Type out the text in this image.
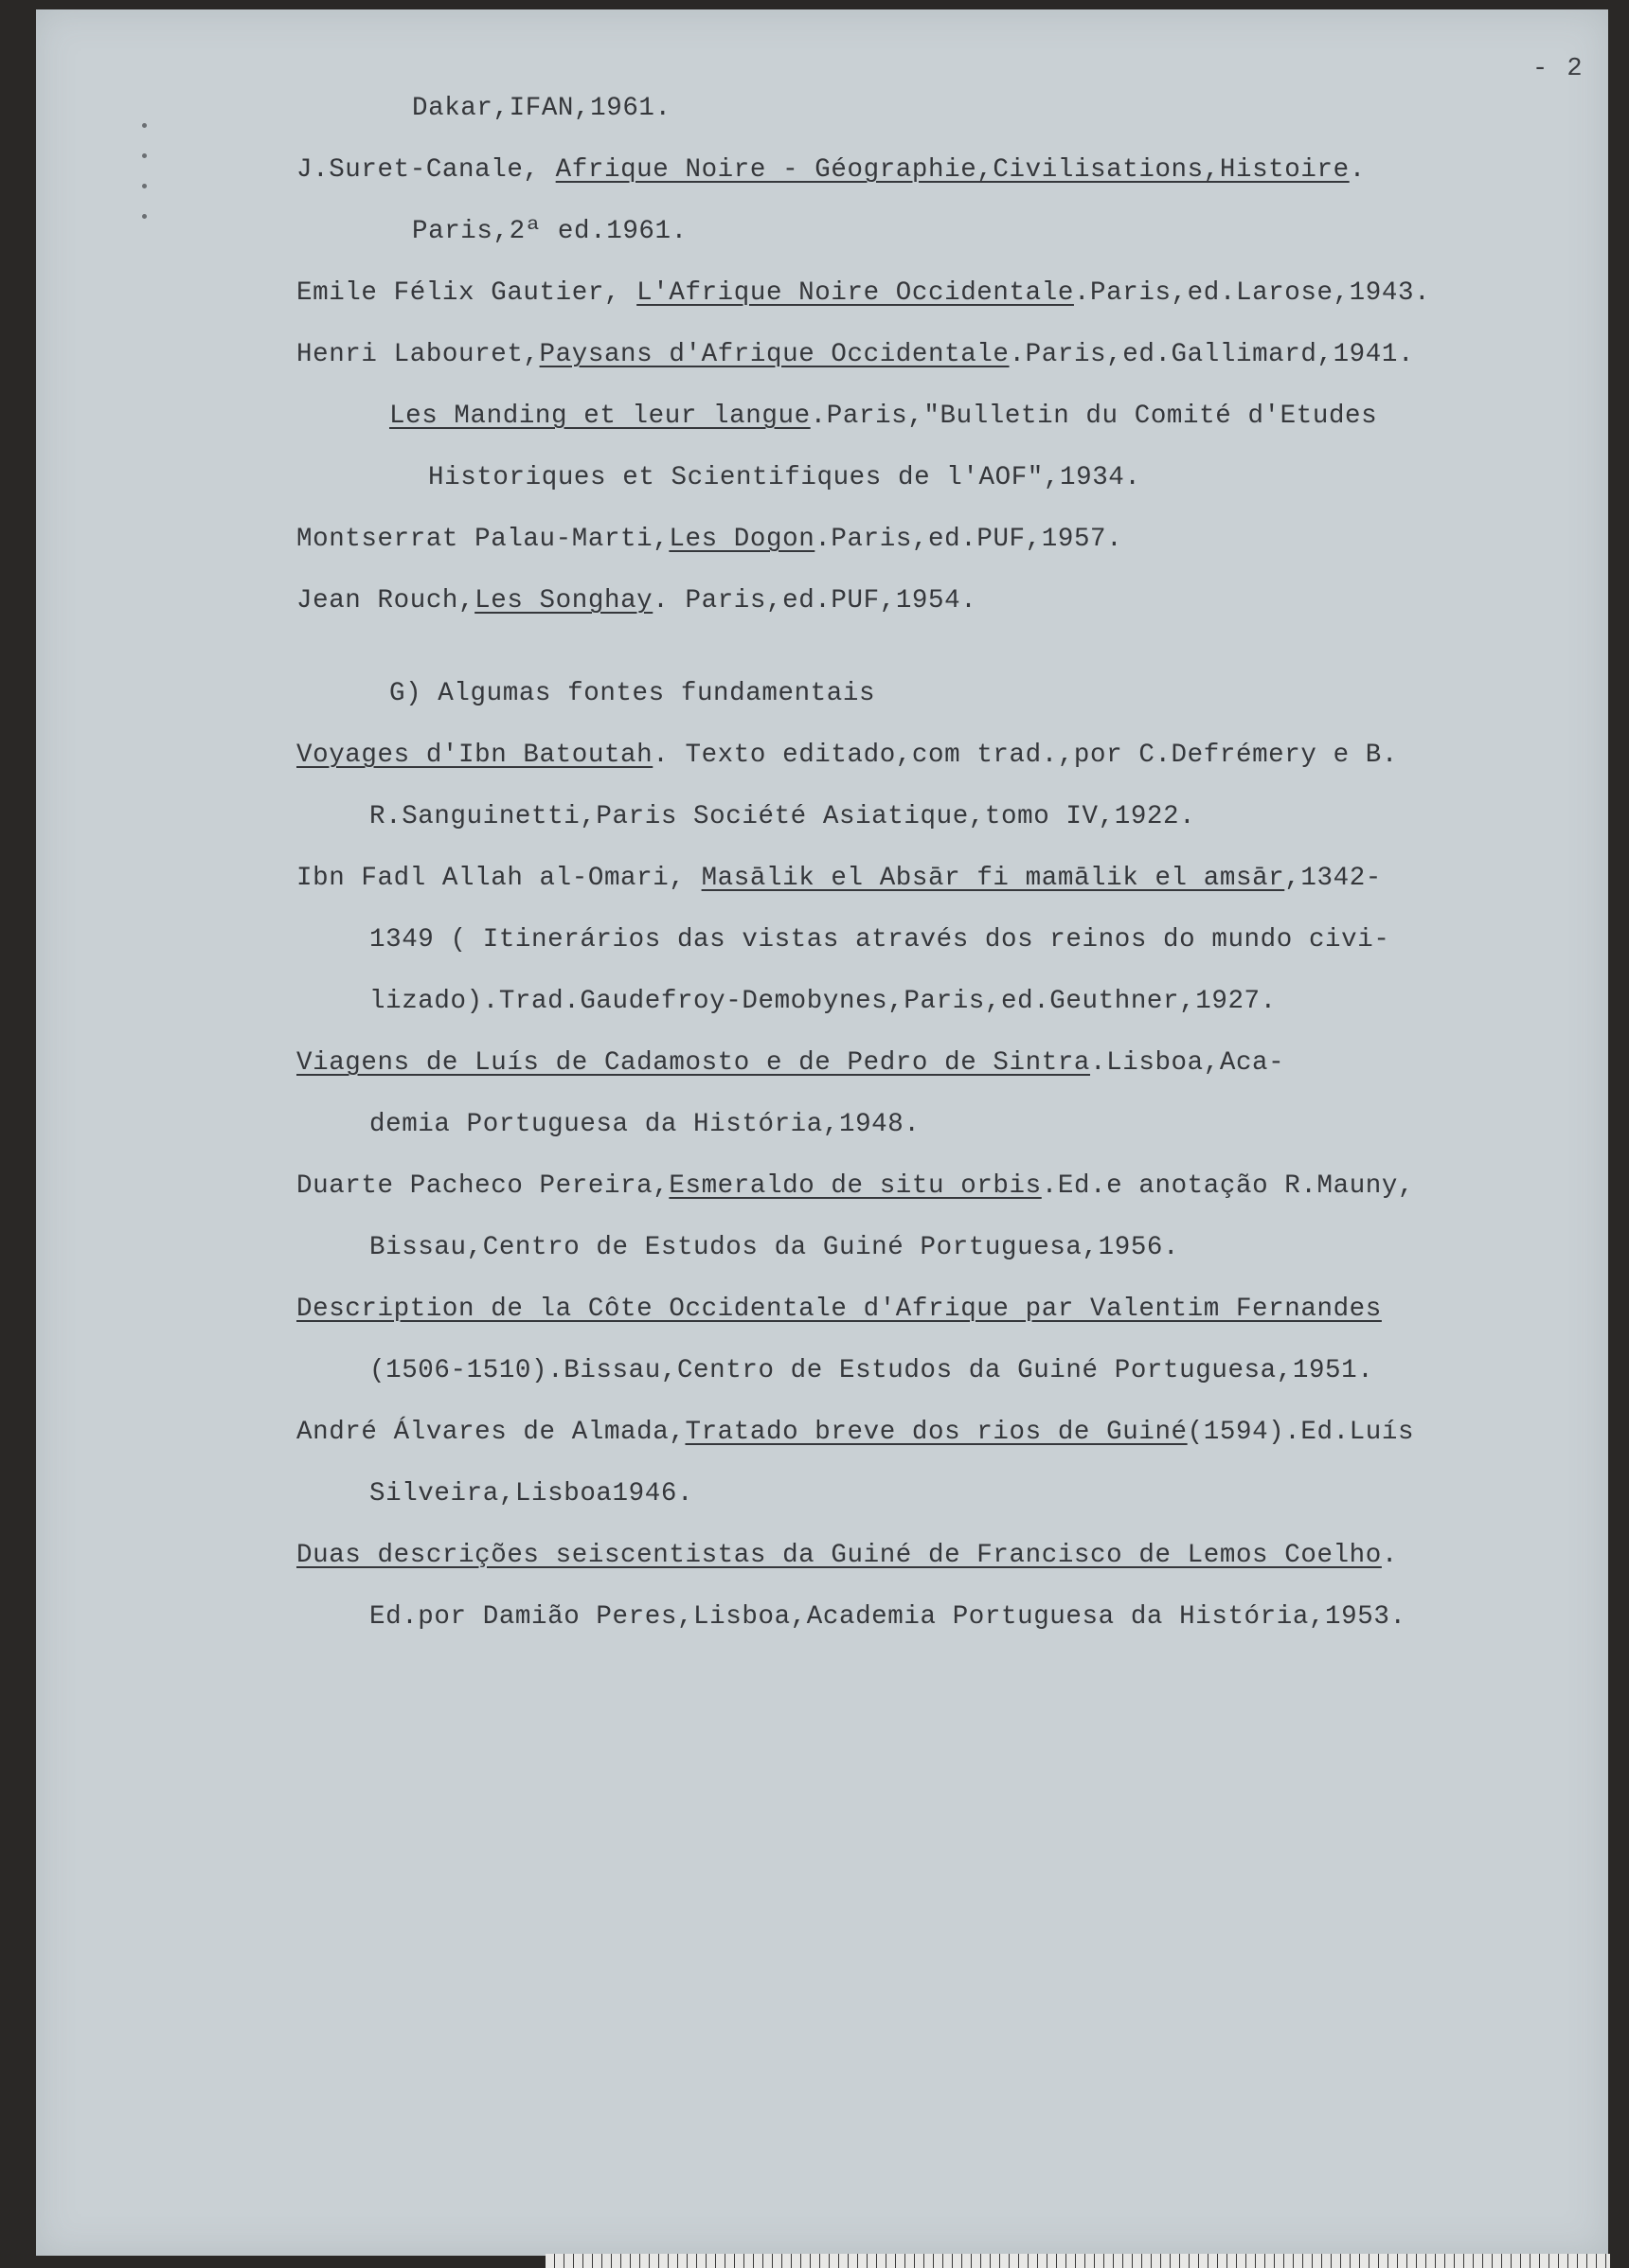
- 2
Dakar,IFAN,1961.
J.Suret-Canale, Afrique Noire - Géographie,Civilisations,Histoire.
Paris,2ª ed.1961.
Emile Félix Gautier, L'Afrique Noire Occidentale.Paris,ed.Larose,1943.
Henri Labouret,Paysans d'Afrique Occidentale.Paris,ed.Gallimard,1941.
Les Manding et leur langue.Paris,"Bulletin du Comité d'Etudes
Historiques et Scientifiques de l'AOF",1934.
Montserrat Palau-Marti,Les Dogon.Paris,ed.PUF,1957.
Jean Rouch,Les Songhay. Paris,ed.PUF,1954.
G) Algumas fontes fundamentais
Voyages d'Ibn Batoutah. Texto editado,com trad.,por C.Defrémery e B.
R.Sanguinetti,Paris Société Asiatique,tomo IV,1922.
Ibn Fadl Allah al-Omari, Masālik el Absār fi mamālik el amsār,1342-
1349 ( Itinerários das vistas através dos reinos do mundo civi-
lizado).Trad.Gaudefroy-Demobynes,Paris,ed.Geuthner,1927.
Viagens de Luís de Cadamosto e de Pedro de Sintra.Lisboa,Aca-
demia Portuguesa da História,1948.
Duarte Pacheco Pereira,Esmeraldo de situ orbis.Ed.e anotação R.Mauny,
Bissau,Centro de Estudos da Guiné Portuguesa,1956.
Description de la Côte Occidentale d'Afrique par Valentim Fernandes
(1506-1510).Bissau,Centro de Estudos da Guiné Portuguesa,1951.
André Álvares de Almada,Tratado breve dos rios de Guiné(1594).Ed.Luís
Silveira,Lisboa1946.
Duas descrições seiscentistas da Guiné de Francisco de Lemos Coelho.
Ed.por Damião Peres,Lisboa,Academia Portuguesa da História,1953.
